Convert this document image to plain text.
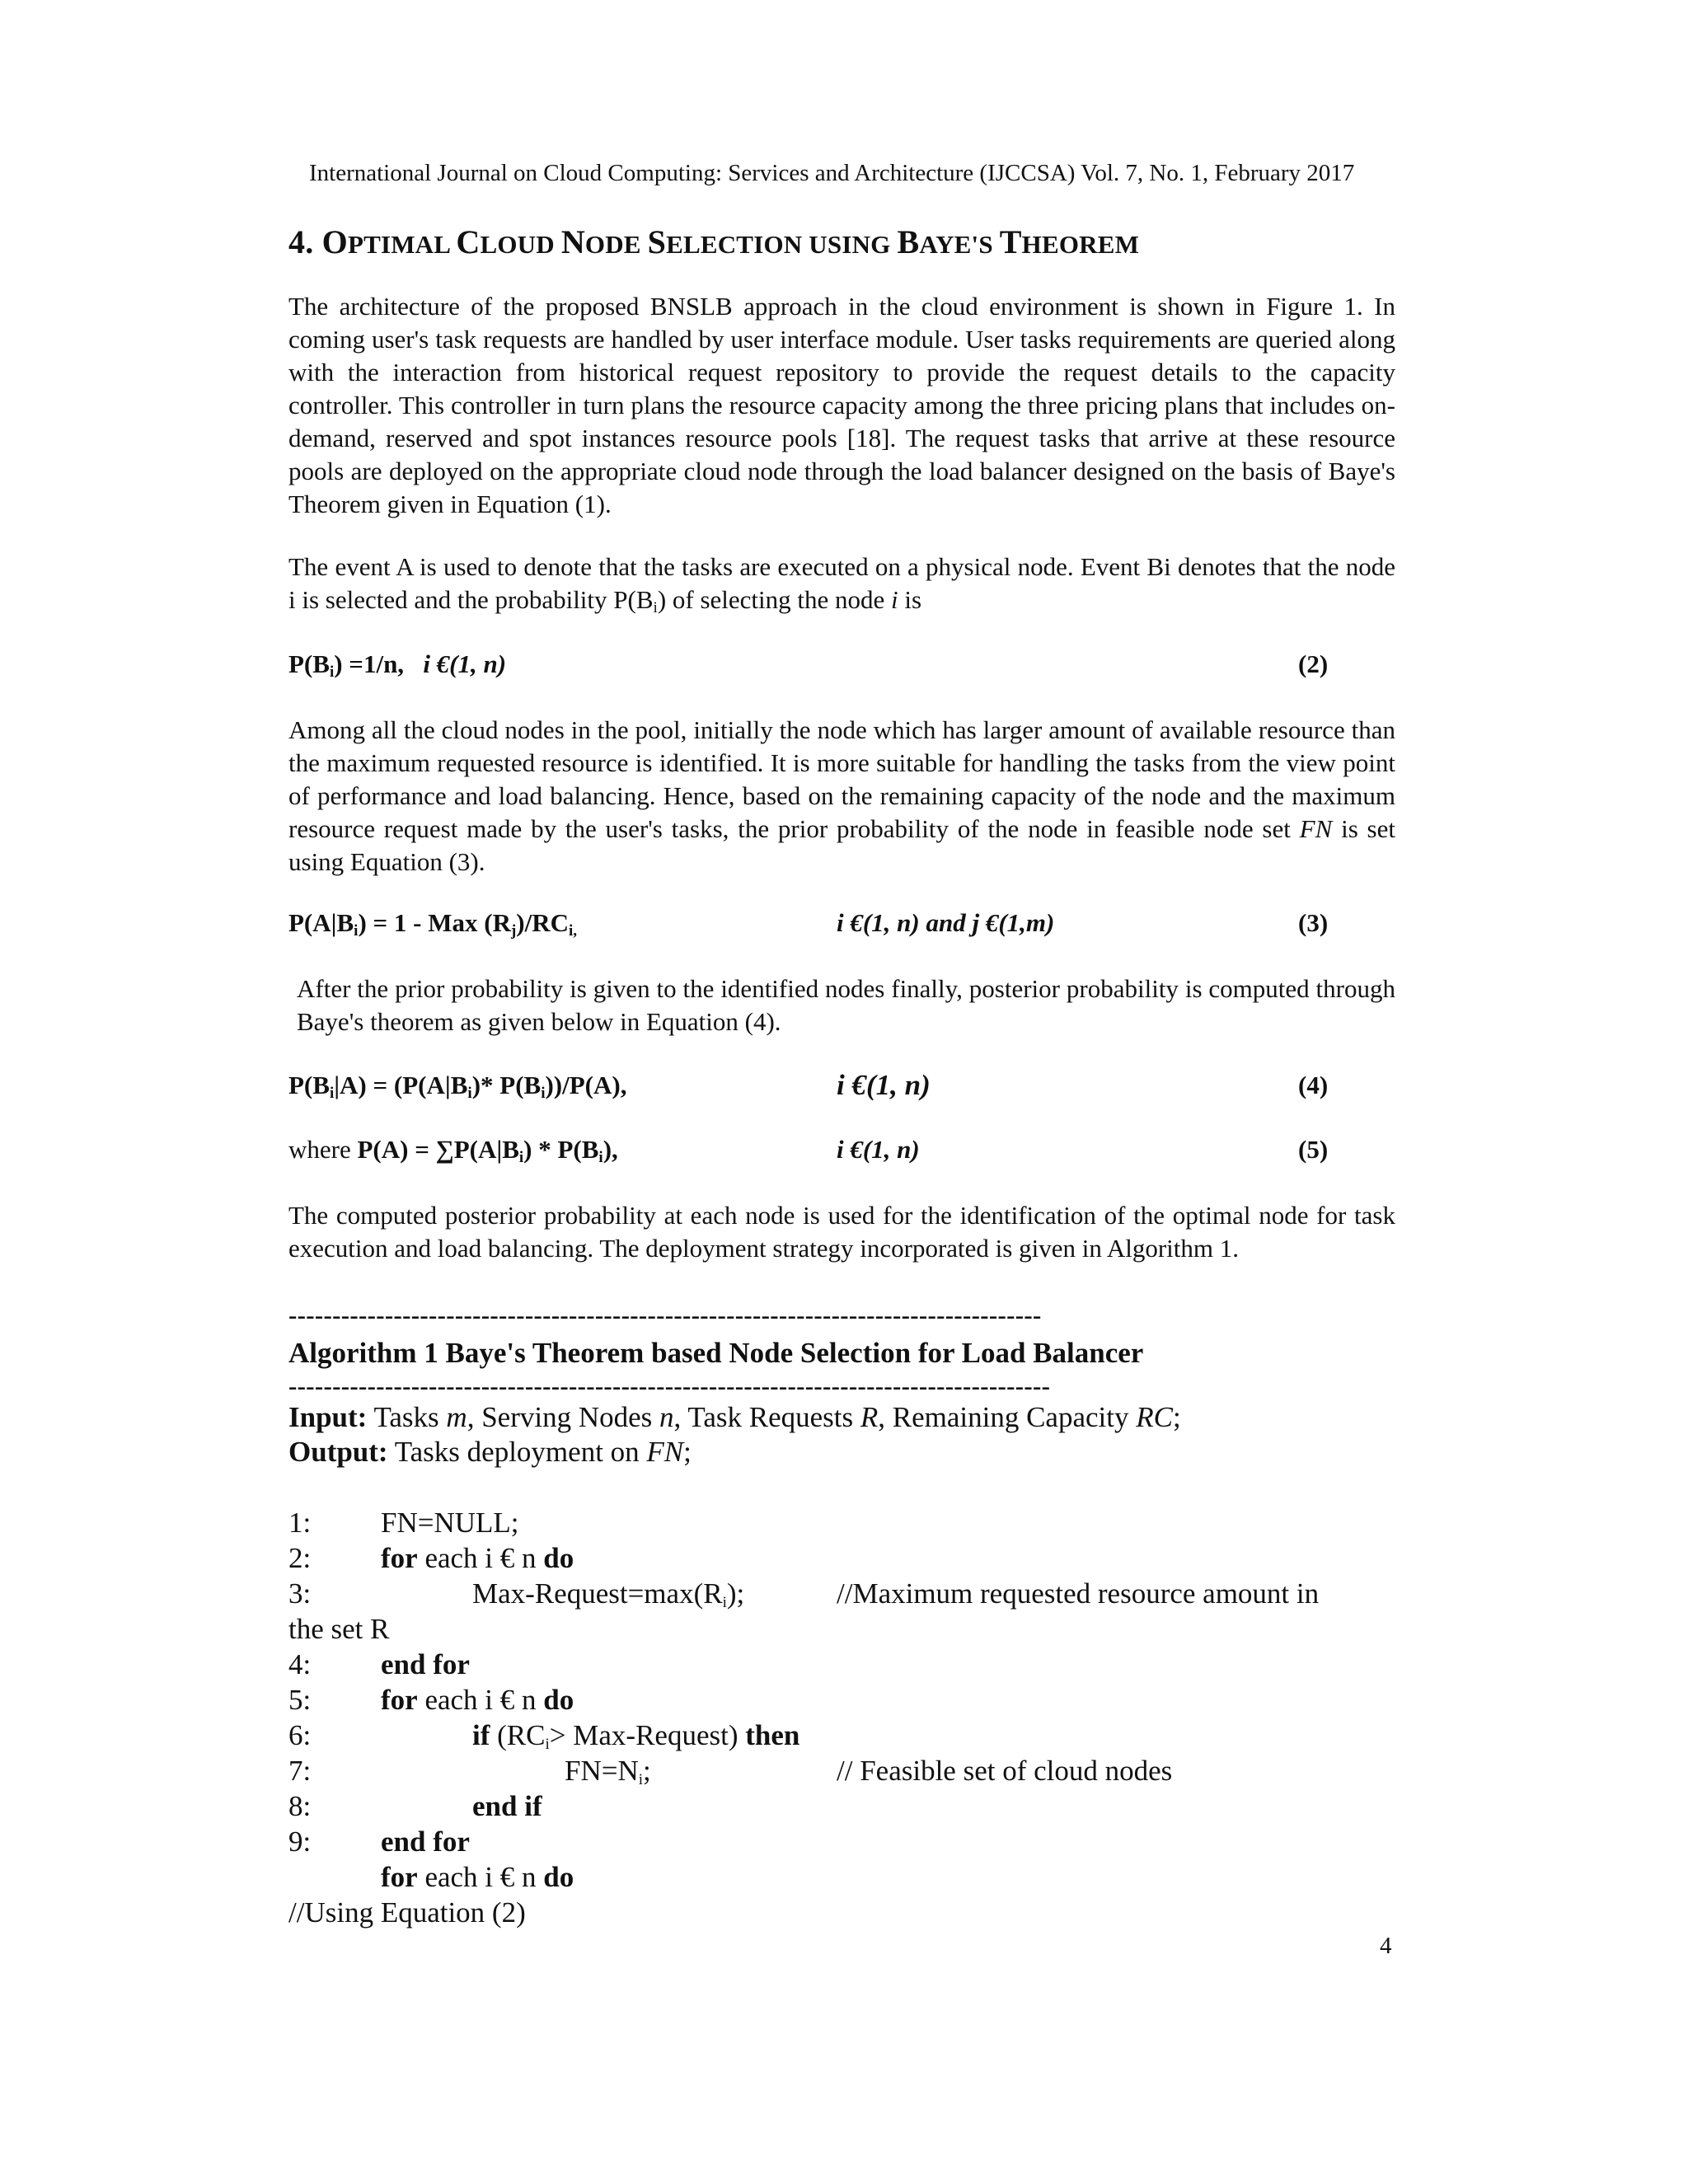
International Journal on Cloud Computing: Services and Architecture (IJCCSA) Vol. 7, No. 1, February 2017
4. OPTIMAL CLOUD NODE SELECTION USING BAYE'S THEOREM

The architecture of the proposed BNSLB approach in the cloud environment is shown in Figure 1. In coming user's task requests are handled by user interface module. User tasks requirements are queried along with the interaction from historical request repository to provide the request details to the capacity controller. This controller in turn plans the resource capacity among the three pricing plans that includes on-demand, reserved and spot instances resource pools [18]. The request tasks that arrive at these resource pools are deployed on the appropriate cloud node through the load balancer designed on the basis of Baye's Theorem given in Equation (1).

The event A is used to denote that the tasks are executed on a physical node. Event Bi denotes that the node i is selected and the probability $P(B_i)$ of selecting the node i is

$P(B_i) =1/n$, i €(1, n)	(2)

Among all the cloud nodes in the pool, initially the node which has larger amount of available resource than the maximum requested resource is identified. It is more suitable for handling the tasks from the view point of performance and load balancing. Hence, based on the remaining capacity of the node and the maximum resource request made by the user's tasks, the prior probability of the node in feasible node set FN is set using Equation (3).

$P(A|B_i) = 1$ - Max $(R_j)/RC_{i,}$	i €(1, n) and j €(1,m)	(3)

After the prior probability is given to the identified nodes finally, posterior probability is computed through Baye's theorem as given below in Equation (4).

$P(B_i|A) = (P(A|B_i)*$ $P(B_i))/P(A)$,	i €(1, n)	(4)
where $P(A) = \sum P(A|B_i) * P(B_i)$,	i €(1, n)	(5)

The computed posterior probability at each node is used for the identification of the optimal node for task execution and load balancing. The deployment strategy incorporated is given in Algorithm 1.

--------------------------------------------------------------------------------------
Algorithm 1 Baye's Theorem based Node Selection for Load Balancer
---------------------------------------------------------------------------------------
Input: Tasks m, Serving Nodes n, Task Requests R, Remaining Capacity RC;
Output: Tasks deployment on FN;
1: FN=NULL;
2: for each i € n do
3:	Max-$Request=\max(R_i)$;	//Maximum requested resource amount in
the set R
4: end for
5: for each i € n do
6:	if ($RC_i>$ Max-Request) then
7:	$FN=N_i$;	// Feasible set of cloud nodes
8:	end if
9: end for
for each i € n do
//Using Equation (2)
4
